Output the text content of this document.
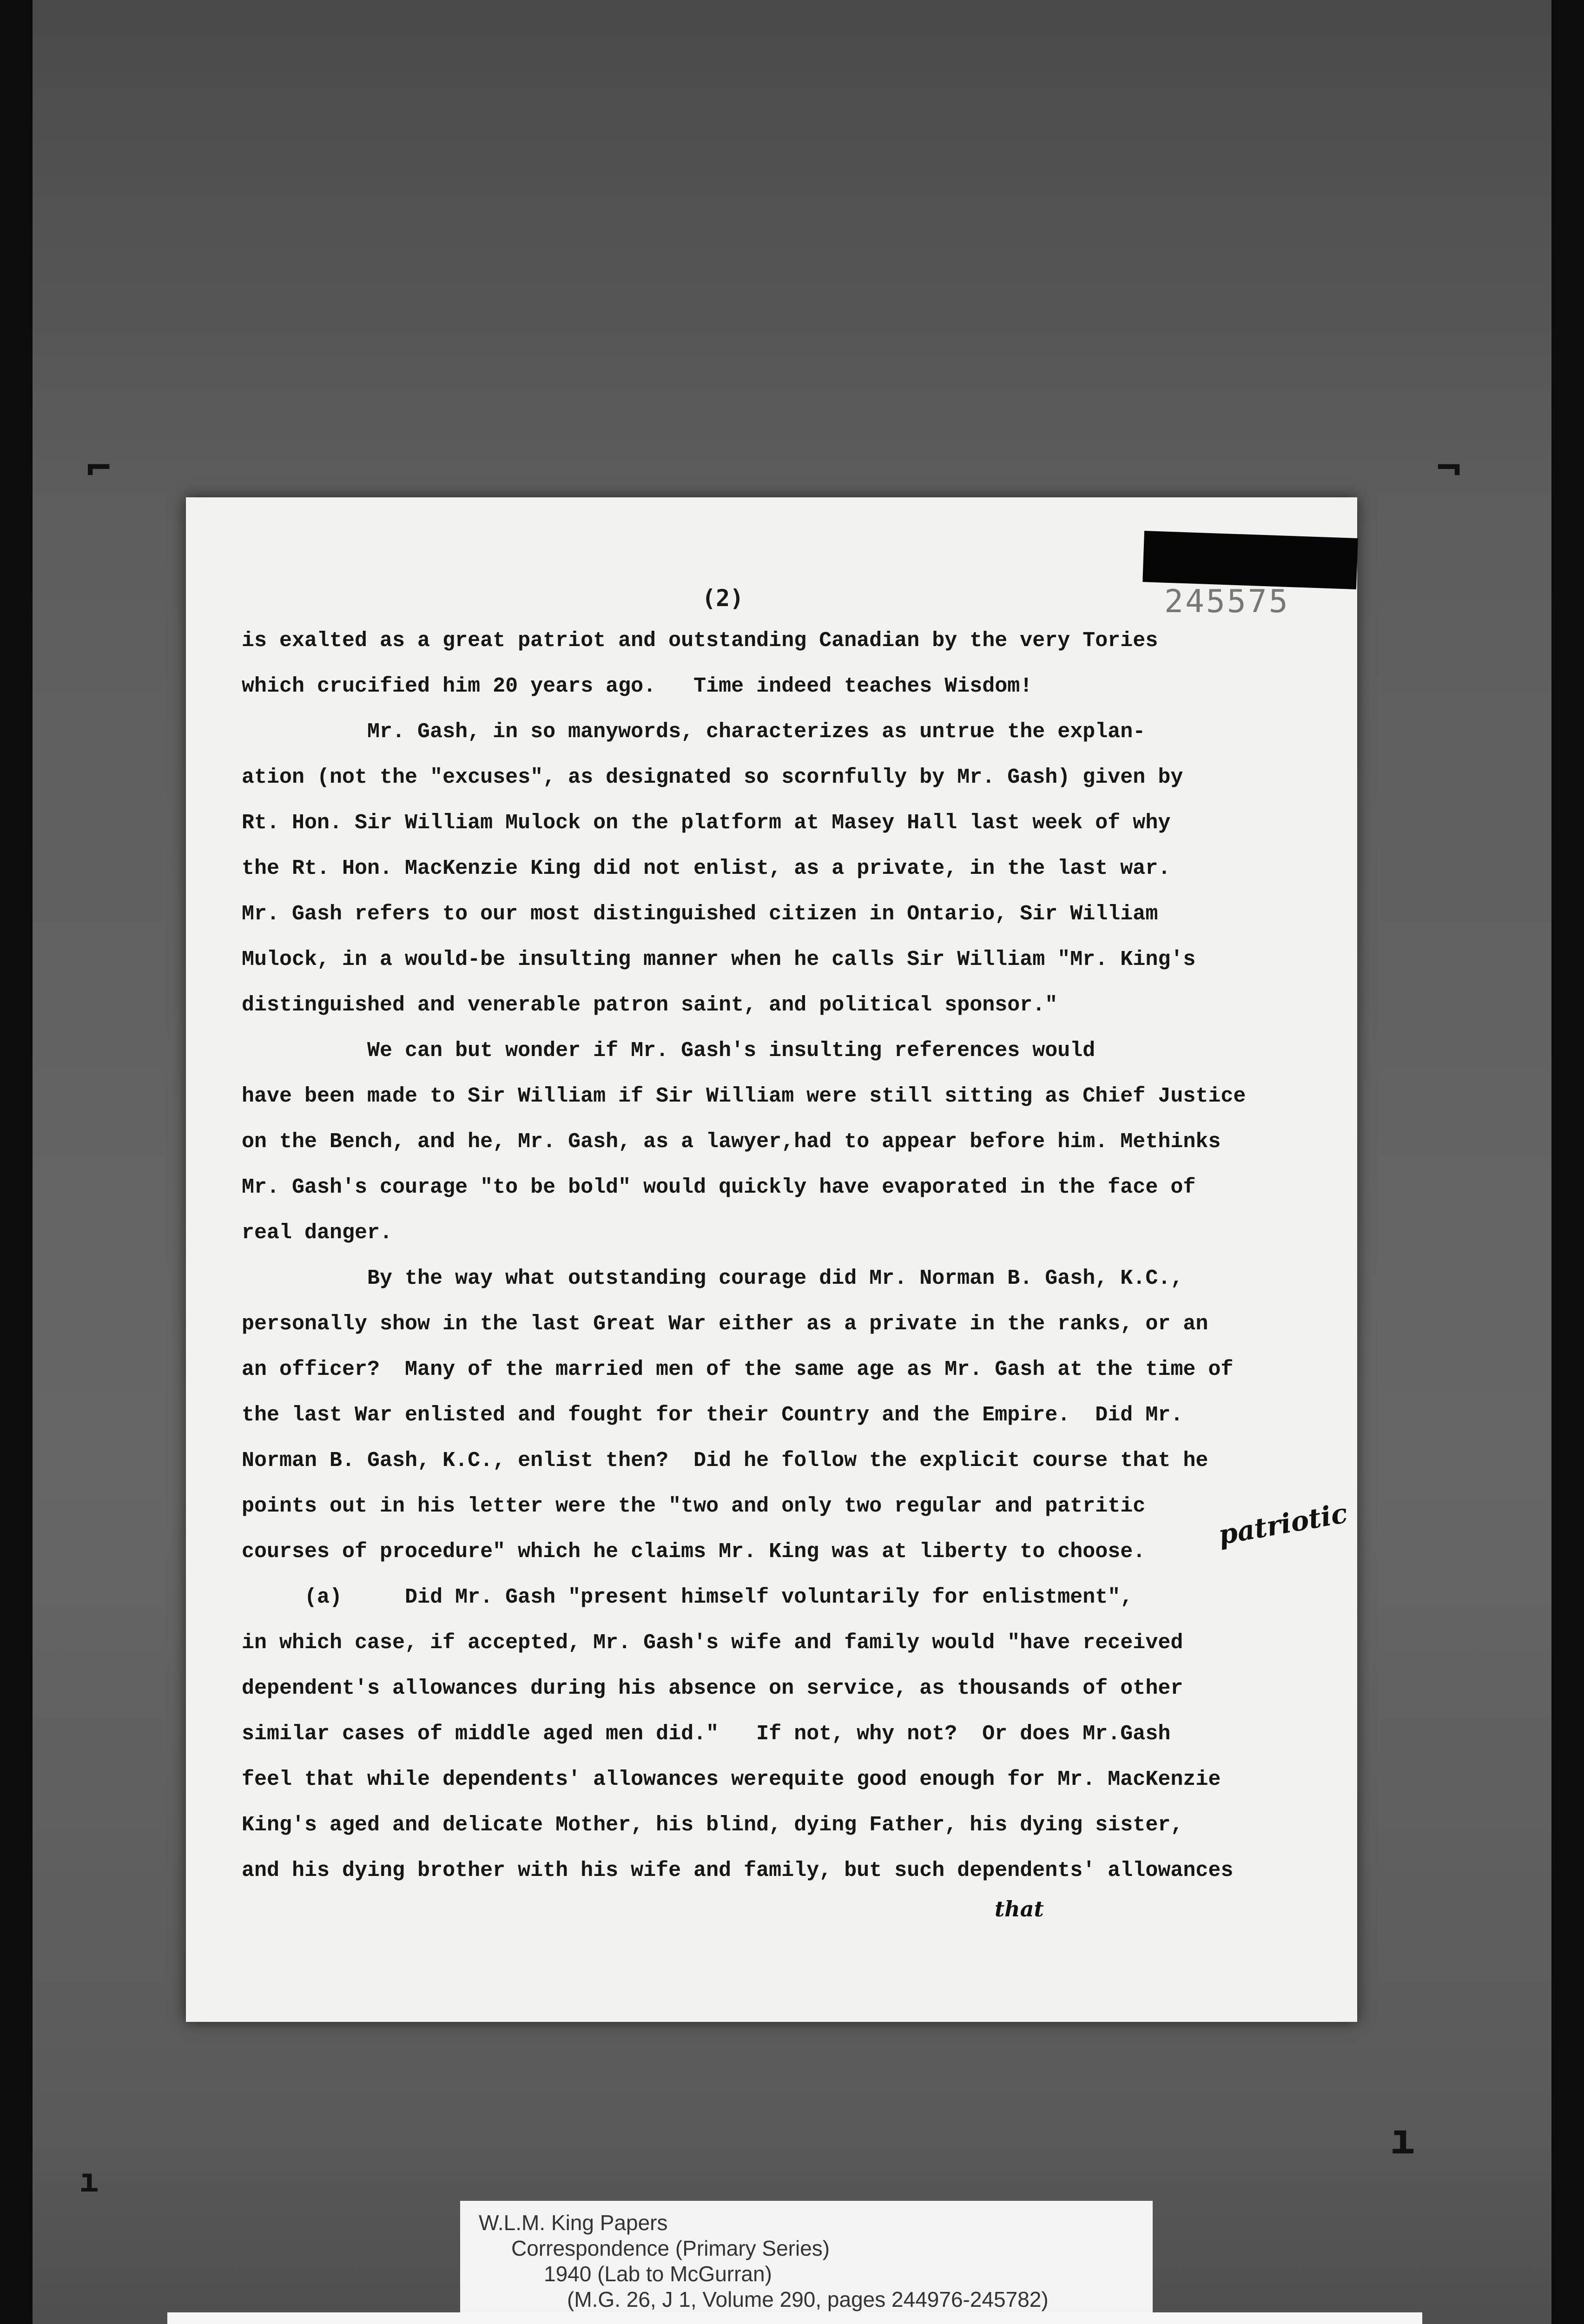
⌐	¬
ı
ı
245575
(2)
is exalted as a great patriot and outstanding Canadian by the very Tories
which crucified him 20 years ago.   Time indeed teaches Wisdom!
Mr. Gash, in so manywords, characterizes as untrue the explan-
ation (not the "excuses", as designated so scornfully by Mr. Gash) given by
Rt. Hon. Sir William Mulock on the platform at Masey Hall last week of why
the Rt. Hon. MacKenzie King did not enlist, as a private, in the last war.
Mr. Gash refers to our most distinguished citizen in Ontario, Sir William
Mulock, in a would-be insulting manner when he calls Sir William "Mr. King's
distinguished and venerable patron saint, and political sponsor."
We can but wonder if Mr. Gash's insulting references would
have been made to Sir William if Sir William were still sitting as Chief Justice
on the Bench, and he, Mr. Gash, as a lawyer,had to appear before him. Methinks
Mr. Gash's courage "to be bold" would quickly have evaporated in the face of
real danger.
By the way what outstanding courage did Mr. Norman B. Gash, K.C.,
personally show in the last Great War either as a private in the ranks, or an
an officer?  Many of the married men of the same age as Mr. Gash at the time of
the last War enlisted and fought for their Country and the Empire.  Did Mr.
Norman B. Gash, K.C., enlist then?  Did he follow the explicit course that he
points out in his letter were the "two and only two regular and patritic
courses of procedure" which he claims Mr. King was at liberty to choose.
(a)     Did Mr. Gash "present himself voluntarily for enlistment",
in which case, if accepted, Mr. Gash's wife and family would "have received
dependent's allowances during his absence on service, as thousands of other
similar cases of middle aged men did."   If not, why not?  Or does Mr.Gash
feel that while dependents' allowances werequite good enough for Mr. MacKenzie
King's aged and delicate Mother, his blind, dying Father, his dying sister,
and his dying brother with his wife and family, but such dependents' allowances
patriotic
that
W.L.M. King Papers
Correspondence (Primary Series)
1940 (Lab to McGurran)
(M.G. 26, J 1, Volume 290, pages 244976-245782)
